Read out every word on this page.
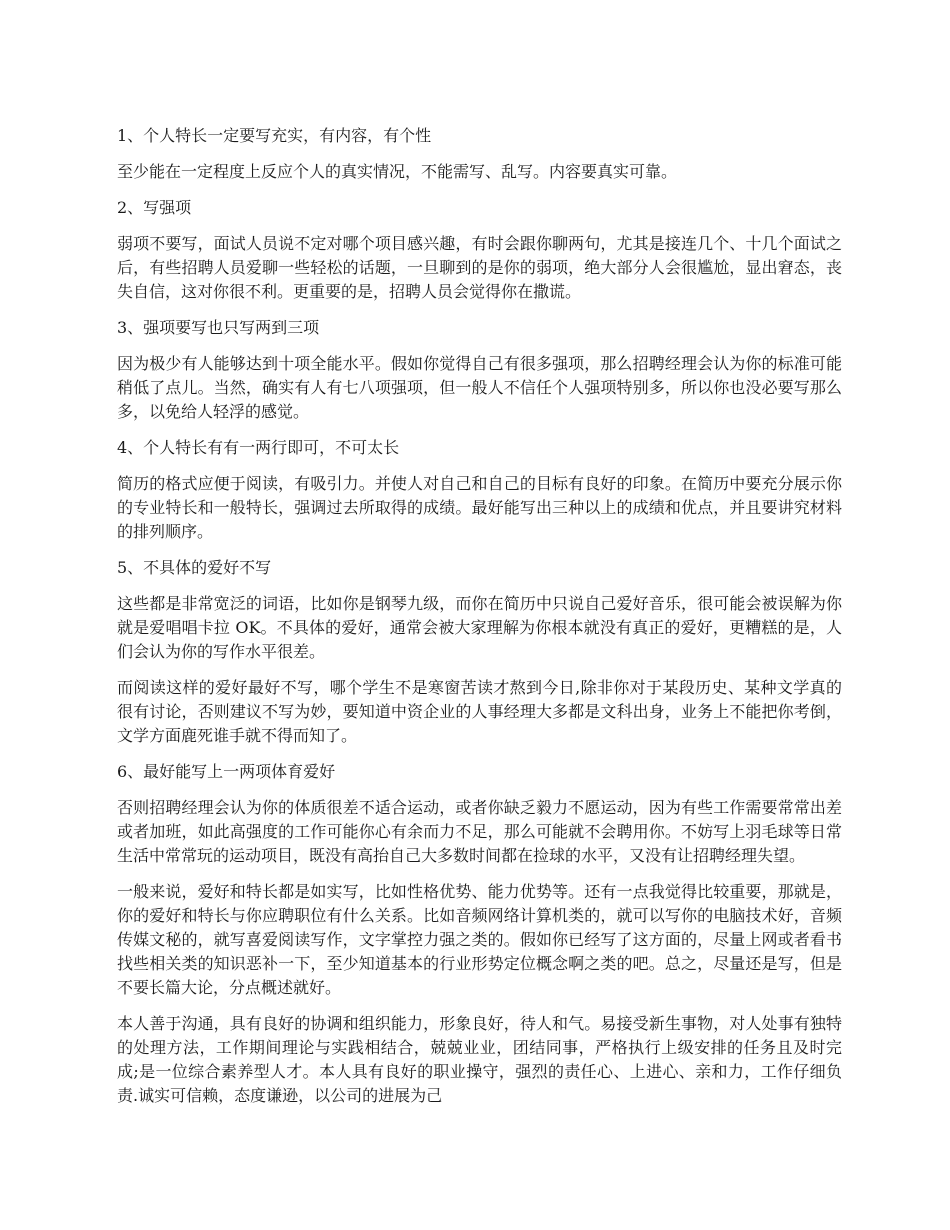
1、个人特长一定要写充实，有内容，有个性

至少能在一定程度上反应个人的真实情况，不能需写、乱写。内容要真实可靠。

2、写强项

弱项不要写，面试人员说不定对哪个项目感兴趣，有时会跟你聊两句，尤其是接连几个、十几个面试之后，有些招聘人员爱聊一些轻松的话题，一旦聊到的是你的弱项，绝大部分人会很尴尬，显出窘态，丧失自信，这对你很不利。更重要的是，招聘人员会觉得你在撒谎。

3、强项要写也只写两到三项

因为极少有人能够达到十项全能水平。假如你觉得自己有很多强项，那么招聘经理会认为你的标准可能稍低了点儿。当然，确实有人有七八项强项，但一般人不信任个人强项特别多，所以你也没必要写那么多，以免给人轻浮的感觉。

4、个人特长有有一两行即可，不可太长

简历的格式应便于阅读，有吸引力。并使人对自己和自己的目标有良好的印象。在简历中要充分展示你的专业特长和一般特长，强调过去所取得的成绩。最好能写出三种以上的成绩和优点，并且要讲究材料的排列顺序。

5、不具体的爱好不写

这些都是非常宽泛的词语，比如你是钢琴九级，而你在简历中只说自己爱好音乐，很可能会被误解为你就是爱唱唱卡拉 OK。不具体的爱好，通常会被大家理解为你根本就没有真正的爱好，更糟糕的是，人们会认为你的写作水平很差。

而阅读这样的爱好最好不写，哪个学生不是寒窗苦读才熬到今日,除非你对于某段历史、某种文学真的很有讨论，否则建议不写为妙，要知道中资企业的人事经理大多都是文科出身，业务上不能把你考倒，文学方面鹿死谁手就不得而知了。

6、最好能写上一两项体育爱好

否则招聘经理会认为你的体质很差不适合运动，或者你缺乏毅力不愿运动，因为有些工作需要常常出差或者加班，如此高强度的工作可能你心有余而力不足，那么可能就不会聘用你。不妨写上羽毛球等日常生活中常常玩的运动项目，既没有高抬自己大多数时间都在捡球的水平，又没有让招聘经理失望。

一般来说，爱好和特长都是如实写，比如性格优势、能力优势等。还有一点我觉得比较重要，那就是，你的爱好和特长与你应聘职位有什么关系。比如音频网络计算机类的，就可以写你的电脑技术好，音频传媒文秘的，就写喜爱阅读写作，文字掌控力强之类的。假如你已经写了这方面的，尽量上网或者看书找些相关类的知识恶补一下，至少知道基本的行业形势定位概念啊之类的吧。总之，尽量还是写，但是不要长篇大论，分点概述就好。

本人善于沟通，具有良好的协调和组织能力，形象良好，待人和气。易接受新生事物，对人处事有独特的处理方法，工作期间理论与实践相结合，兢兢业业，团结同事，严格执行上级安排的任务且及时完成;是一位综合素养型人才。本人具有良好的职业操守，强烈的责任心、上进心、亲和力，工作仔细负责.诚实可信赖，态度谦逊，以公司的进展为己
